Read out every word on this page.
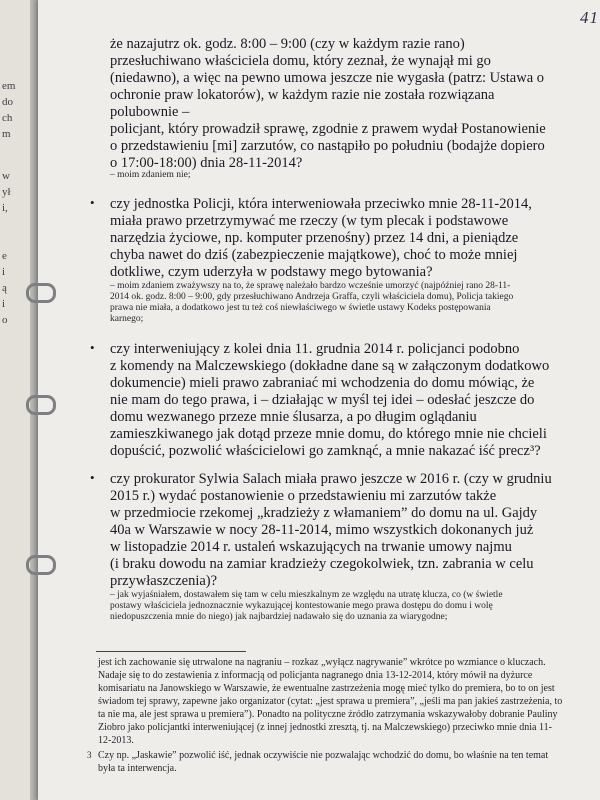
em
do
ch
m
w
ył
i,
e
i
ą
i
o
41
że nazajutrz ok. godz. 8:00 – 9:00 (czy w każdym razie rano)
przesłuchiwano właściciela domu, który zeznał, że wynajął mi go
(niedawno), a więc na pewno umowa jeszcze nie wygasła (patrz: Ustawa o
ochronie praw lokatorów), w każdym razie nie została rozwiązana
polubownie –
policjant, który prowadził sprawę, zgodnie z prawem wydał Postanowienie
o przedstawieniu [mi] zarzutów, co nastąpiło po południu (bodajże dopiero
o 17:00-18:00) dnia 28-11-2014?
– moim zdaniem nie;
• czy jednostka Policji, która interweniowała przeciwko mnie 28-11-2014,
miała prawo przetrzymywać me rzeczy (w tym plecak i podstawowe
narzędzia życiowe, np. komputer przenośny) przez 14 dni, a pieniądze
chyba nawet do dziś (zabezpieczenie majątkowe), choć to może mniej
dotkliwe, czym uderzyła w podstawy mego bytowania?
– moim zdaniem zważywszy na to, że sprawę należało bardzo wcześnie umorzyć (najpóźniej rano 28-11-
2014 ok. godz. 8:00 – 9:00, gdy przesłuchiwano Andrzeja Graffa, czyli właściciela domu), Policja takiego
prawa nie miała, a dodatkowo jest tu też coś niewłaściwego w świetle ustawy Kodeks postępowania
karnego;
• czy interweniujący z kolei dnia 11. grudnia 2014 r. policjanci podobno
z komendy na Malczewskiego (dokładne dane są w załączonym dodatkowo
dokumencie) mieli prawo zabraniać mi wchodzenia do domu mówiąc, że
nie mam do tego prawa, i – działając w myśl tej idei – odesłać jeszcze do
domu wezwanego przeze mnie ślusarza, a po długim oglądaniu
zamieszkiwanego jak dotąd przeze mnie domu, do którego mnie nie chcieli
dopuścić, pozwolić właścicielowi go zamknąć, a mnie nakazać iść precz³?
• czy prokurator Sylwia Salach miała prawo jeszcze w 2016 r. (czy w grudniu
2015 r.) wydać postanowienie o przedstawieniu mi zarzutów także
w przedmiocie rzekomej „kradzieży z włamaniem” do domu na ul. Gajdy
40a w Warszawie w nocy 28-11-2014, mimo wszystkich dokonanych już
w listopadzie 2014 r. ustaleń wskazujących na trwanie umowy najmu
(i braku dowodu na zamiar kradzieży czegokolwiek, tzn. zabrania w celu
przywłaszczenia)?
– jak wyjaśniałem, dostawałem się tam w celu mieszkalnym ze względu na utratę klucza, co (w świetle
postawy właściciela jednoznacznie wykazującej kontestowanie mego prawa dostępu do domu i wolę
niedopuszczenia mnie do niego) jak najbardziej nadawało się do uznania za wiarygodne;
jest ich zachowanie się utrwalone na nagraniu – rozkaz „wyłącz nagrywanie” wkrótce po wzmiance o kluczach.
Nadaje się to do zestawienia z informacją od policjanta nagranego dnia 13-12-2014, który mówił na dyżurce
komisariatu na Janowskiego w Warszawie, że ewentualne zastrzeżenia mogę mieć tylko do premiera, bo to on jest
świadom tej sprawy, zapewne jako organizator (cytat: „jest sprawa u premiera”, „jeśli ma pan jakieś zastrzeżenia, to
ta nie ma, ale jest sprawa u premiera”). Ponadto na polityczne źródło zatrzymania wskazywałoby dobranie Pauliny
Ziobro jako policjantki interweniującej (z innej jednostki zresztą, tj. na Malczewskiego) przeciwko mnie dnia 11-
12-2013.
3 Czy np. „Jaskawie” pozwolić iść, jednak oczywiście nie pozwalając wchodzić do domu, bo właśnie na ten temat
była ta interwencja.
